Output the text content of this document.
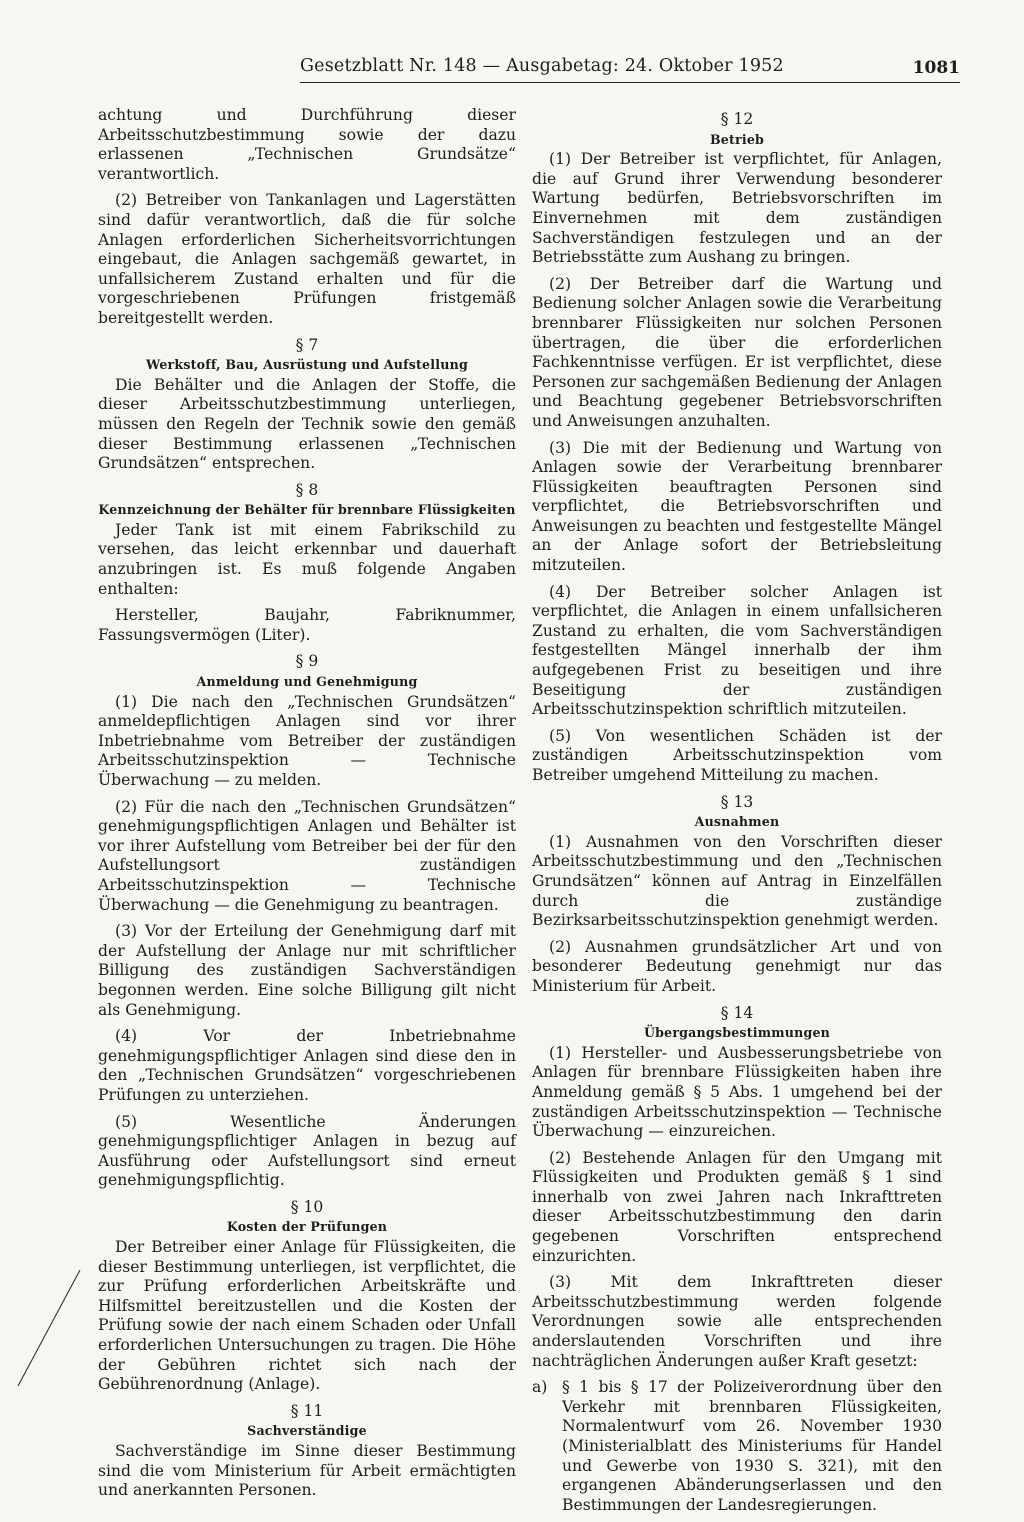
Gesetzblatt Nr. 148 — Ausgabetag: 24. Oktober 1952	1081

achtung und Durchführung dieser Arbeitsschutzbestimmung sowie der dazu erlassenen „Technischen Grundsätze“ verantwortlich.

(2) Betreiber von Tankanlagen und Lagerstätten sind dafür verantwortlich, daß die für solche Anlagen erforderlichen Sicherheitsvorrichtungen eingebaut, die Anlagen sachgemäß gewartet, in unfallsicherem Zustand erhalten und für die vorgeschriebenen Prüfungen fristgemäß bereitgestellt werden.

§ 7
Werkstoff, Bau, Ausrüstung und Aufstellung

Die Behälter und die Anlagen der Stoffe, die dieser Arbeitsschutzbestimmung unterliegen, müssen den Regeln der Technik sowie den gemäß dieser Bestimmung erlassenen „Technischen Grundsätzen“ entsprechen.

§ 8
Kennzeichnung der Behälter für brennbare Flüssigkeiten

Jeder Tank ist mit einem Fabrikschild zu versehen, das leicht erkennbar und dauerhaft anzubringen ist. Es muß folgende Angaben enthalten:

Hersteller, Baujahr, Fabriknummer, Fassungsvermögen (Liter).

§ 9
Anmeldung und Genehmigung

(1) Die nach den „Technischen Grundsätzen“ anmeldepflichtigen Anlagen sind vor ihrer Inbetriebnahme vom Betreiber der zuständigen Arbeitsschutzinspektion — Technische Überwachung — zu melden.

(2) Für die nach den „Technischen Grundsätzen“ genehmigungspflichtigen Anlagen und Behälter ist vor ihrer Aufstellung vom Betreiber bei der für den Aufstellungsort zuständigen Arbeitsschutzinspektion — Technische Überwachung — die Genehmigung zu beantragen.

(3) Vor der Erteilung der Genehmigung darf mit der Aufstellung der Anlage nur mit schriftlicher Billigung des zuständigen Sachverständigen begonnen werden. Eine solche Billigung gilt nicht als Genehmigung.

(4) Vor der Inbetriebnahme genehmigungspflichtiger Anlagen sind diese den in den „Technischen Grundsätzen“ vorgeschriebenen Prüfungen zu unterziehen.

(5) Wesentliche Änderungen genehmigungspflichtiger Anlagen in bezug auf Ausführung oder Aufstellungsort sind erneut genehmigungspflichtig.

§ 10
Kosten der Prüfungen

Der Betreiber einer Anlage für Flüssigkeiten, die dieser Bestimmung unterliegen, ist verpflichtet, die zur Prüfung erforderlichen Arbeitskräfte und Hilfsmittel bereitzustellen und die Kosten der Prüfung sowie der nach einem Schaden oder Unfall erforderlichen Untersuchungen zu tragen. Die Höhe der Gebühren richtet sich nach der Gebührenordnung (Anlage).

§ 11
Sachverständige

Sachverständige im Sinne dieser Bestimmung sind die vom Ministerium für Arbeit ermächtigten und anerkannten Personen.

§ 12
Betrieb

(1) Der Betreiber ist verpflichtet, für Anlagen, die auf Grund ihrer Verwendung besonderer Wartung bedürfen, Betriebsvorschriften im Einvernehmen mit dem zuständigen Sachverständigen festzulegen und an der Betriebsstätte zum Aushang zu bringen.

(2) Der Betreiber darf die Wartung und Bedienung solcher Anlagen sowie die Verarbeitung brennbarer Flüssigkeiten nur solchen Personen übertragen, die über die erforderlichen Fachkenntnisse verfügen. Er ist verpflichtet, diese Personen zur sachgemäßen Bedienung der Anlagen und Beachtung gegebener Betriebsvorschriften und Anweisungen anzuhalten.

(3) Die mit der Bedienung und Wartung von Anlagen sowie der Verarbeitung brennbarer Flüssigkeiten beauftragten Personen sind verpflichtet, die Betriebsvorschriften und Anweisungen zu beachten und festgestellte Mängel an der Anlage sofort der Betriebsleitung mitzuteilen.

(4) Der Betreiber solcher Anlagen ist verpflichtet, die Anlagen in einem unfallsicheren Zustand zu erhalten, die vom Sachverständigen festgestellten Mängel innerhalb der ihm aufgegebenen Frist zu beseitigen und ihre Beseitigung der zuständigen Arbeitsschutzinspektion schriftlich mitzuteilen.

(5) Von wesentlichen Schäden ist der zuständigen Arbeitsschutzinspektion vom Betreiber umgehend Mitteilung zu machen.

§ 13
Ausnahmen

(1) Ausnahmen von den Vorschriften dieser Arbeitsschutzbestimmung und den „Technischen Grundsätzen“ können auf Antrag in Einzelfällen durch die zuständige Bezirksarbeitsschutzinspektion genehmigt werden.

(2) Ausnahmen grundsätzlicher Art und von besonderer Bedeutung genehmigt nur das Ministerium für Arbeit.

§ 14
Übergangsbestimmungen

(1) Hersteller- und Ausbesserungsbetriebe von Anlagen für brennbare Flüssigkeiten haben ihre Anmeldung gemäß § 5 Abs. 1 umgehend bei der zuständigen Arbeitsschutzinspektion — Technische Überwachung — einzureichen.

(2) Bestehende Anlagen für den Umgang mit Flüssigkeiten und Produkten gemäß § 1 sind innerhalb von zwei Jahren nach Inkrafttreten dieser Arbeitsschutzbestimmung den darin gegebenen Vorschriften entsprechend einzurichten.

(3) Mit dem Inkrafttreten dieser Arbeitsschutzbestimmung werden folgende Verordnungen sowie alle entsprechenden anderslautenden Vorschriften und ihre nachträglichen Änderungen außer Kraft gesetzt:

a) § 1 bis § 17 der Polizeiverordnung über den Verkehr mit brennbaren Flüssigkeiten, Normalentwurf vom 26. November 1930 (Ministerialblatt des Ministeriums für Handel und Gewerbe von 1930 S. 321), mit den ergangenen Abänderungserlassen und den Bestimmungen der Landesregierungen.
